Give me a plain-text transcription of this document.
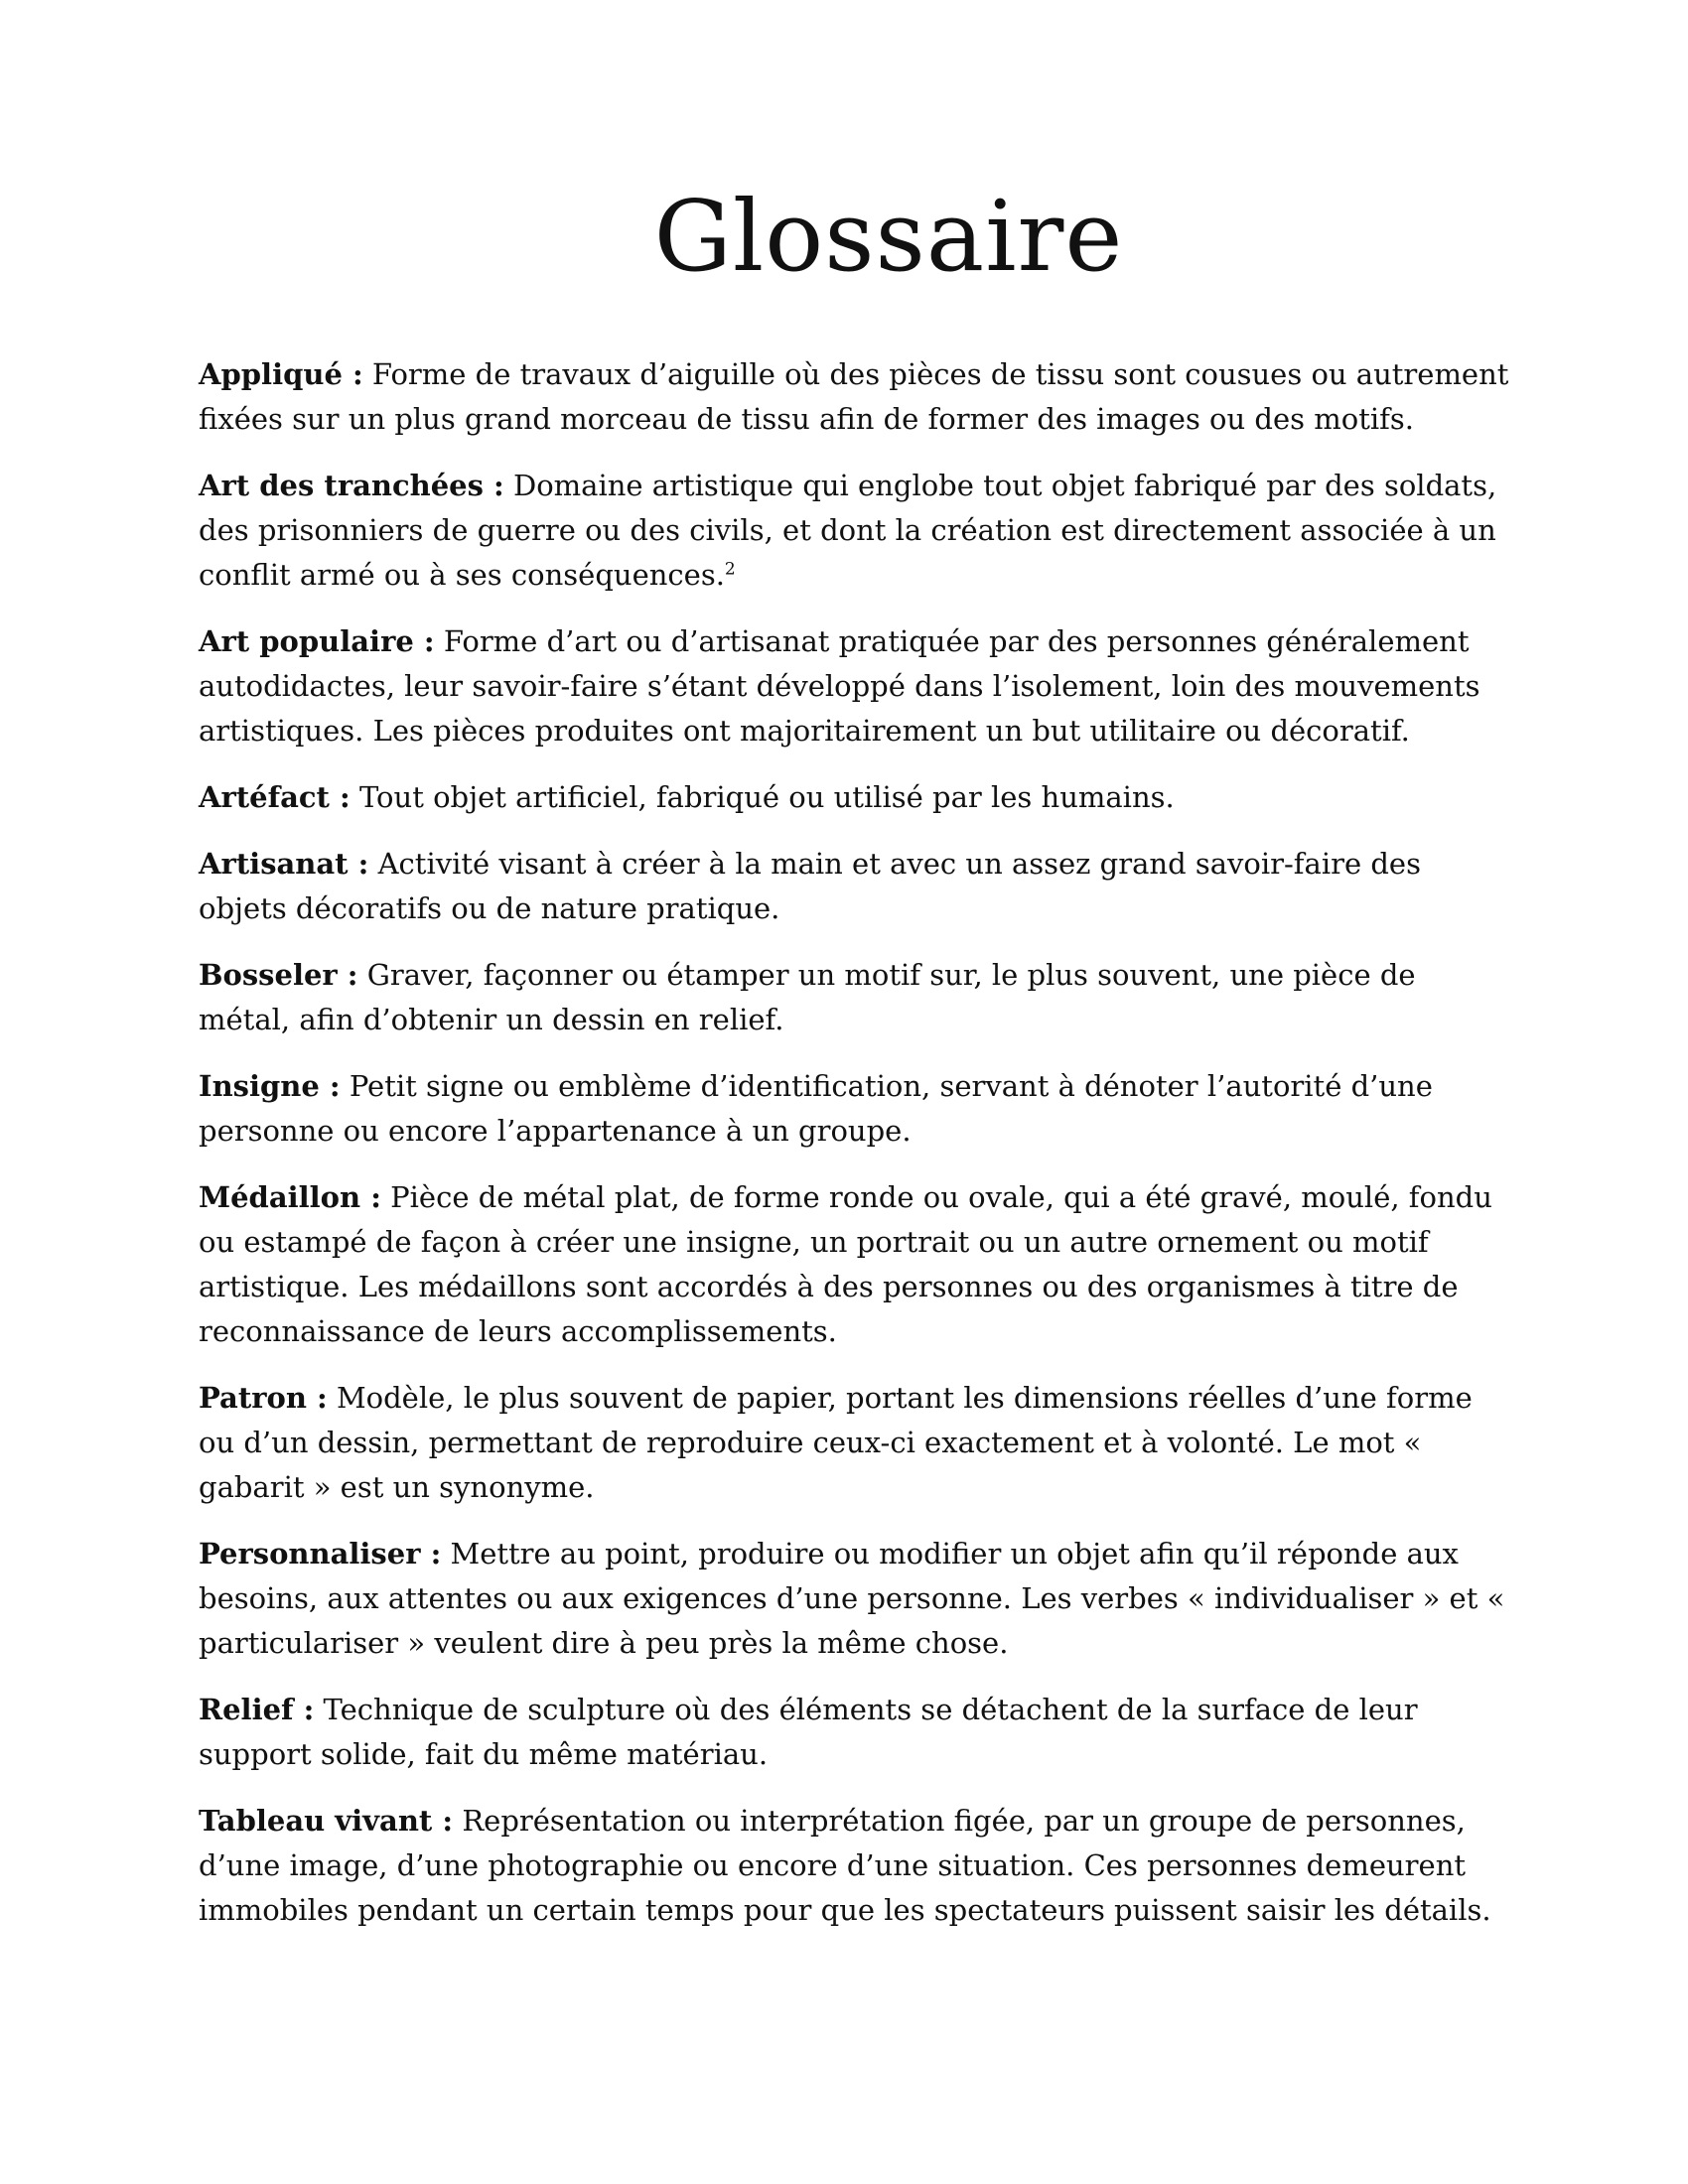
Glossaire

Appliqué : Forme de travaux d’aiguille où des pièces de tissu sont cousues ou autrement fixées sur un plus grand morceau de tissu afin de former des images ou des motifs.

Art des tranchées : Domaine artistique qui englobe tout objet fabriqué par des soldats, des prisonniers de guerre ou des civils, et dont la création est directement associée à un conflit armé ou à ses conséquences.$^2$

Art populaire : Forme d’art ou d’artisanat pratiquée par des personnes généralement autodidactes, leur savoir-faire s’étant développé dans l’isolement, loin des mouvements artistiques. Les pièces produites ont majoritairement un but utilitaire ou décoratif.

Artéfact : Tout objet artificiel, fabriqué ou utilisé par les humains.

Artisanat : Activité visant à créer à la main et avec un assez grand savoir-faire des objets décoratifs ou de nature pratique.

Bosseler : Graver, façonner ou étamper un motif sur, le plus souvent, une pièce de métal, afin d’obtenir un dessin en relief.

Insigne : Petit signe ou emblème d’identification, servant à dénoter l’autorité d’une personne ou encore l’appartenance à un groupe.

Médaillon : Pièce de métal plat, de forme ronde ou ovale, qui a été gravé, moulé, fondu ou estampé de façon à créer une insigne, un portrait ou un autre ornement ou motif artistique. Les médaillons sont accordés à des personnes ou des organismes à titre de reconnaissance de leurs accomplissements.

Patron : Modèle, le plus souvent de papier, portant les dimensions réelles d’une forme ou d’un dessin, permettant de reproduire ceux-ci exactement et à volonté. Le mot « gabarit » est un synonyme.

Personnaliser : Mettre au point, produire ou modifier un objet afin qu’il réponde aux besoins, aux attentes ou aux exigences d’une personne. Les verbes « individualiser » et « particulariser » veulent dire à peu près la même chose.

Relief : Technique de sculpture où des éléments se détachent de la surface de leur support solide, fait du même matériau.

Tableau vivant : Représentation ou interprétation figée, par un groupe de personnes, d’une image, d’une photographie ou encore d’une situation. Ces personnes demeurent immobiles pendant un certain temps pour que les spectateurs puissent saisir les détails.
